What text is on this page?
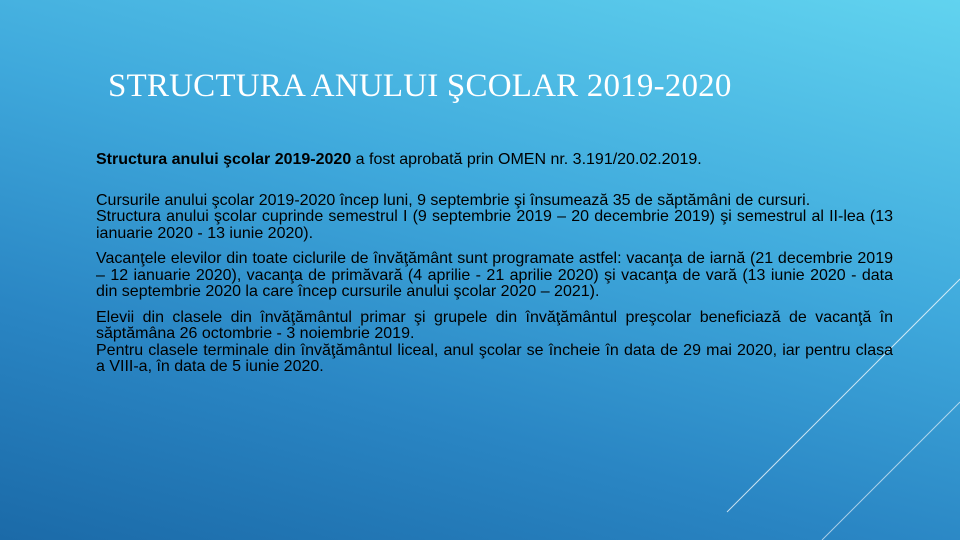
STRUCTURA ANULUI ŞCOLAR 2019-2020

Structura anului şcolar 2019-2020 a fost aprobată prin OMEN nr. 3.191/20.02.2019.

Cursurile anului şcolar 2019-2020 încep luni, 9 septembrie şi însumează 35 de săptămâni de cursuri.

Structura anului şcolar cuprinde semestrul I (9 septembrie 2019 – 20 decembrie 2019) şi semestrul al II-lea (13 ianuarie 2020 - 13 iunie 2020).

Vacanţele elevilor din toate ciclurile de învăţământ sunt programate astfel: vacanţa de iarnă (21 decembrie 2019 – 12 ianuarie 2020), vacanţa de primăvară (4 aprilie - 21 aprilie 2020) şi vacanţa de vară (13 iunie 2020 - data din septembrie 2020 la care încep cursurile anului şcolar 2020 – 2021).

Elevii din clasele din învăţământul primar şi grupele din învăţământul preşcolar beneficiază de vacanţă în săptămâna 26 octombrie - 3 noiembrie 2019.

Pentru clasele terminale din învăţământul liceal, anul şcolar se încheie în data de 29 mai 2020, iar pentru clasa a VIII-a, în data de 5 iunie 2020.
